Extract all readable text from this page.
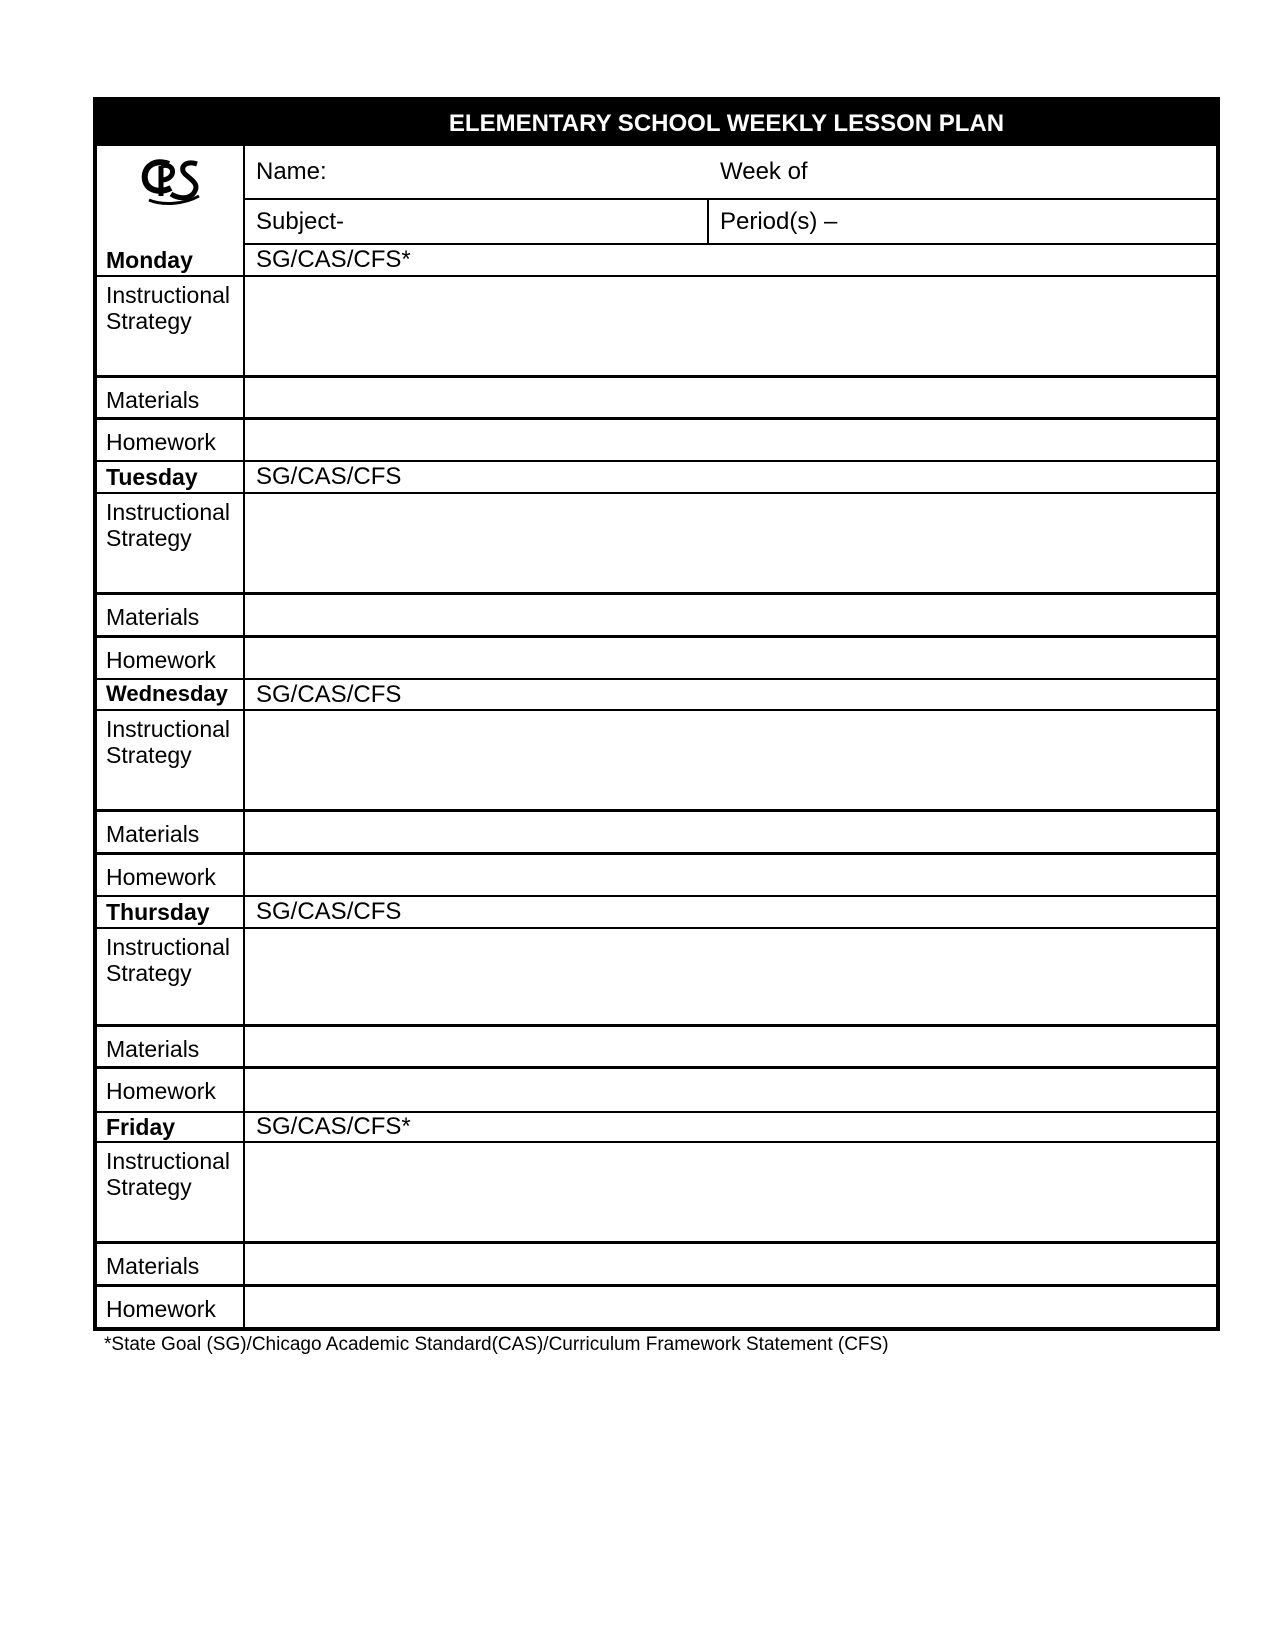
ELEMENTARY SCHOOL WEEKLY LESSON PLAN
Name:	Week of
Subject-	Period(s) –
Monday	SG/CAS/CFS*
Instructional Strategy
Materials
Homework
Tuesday	SG/CAS/CFS
Instructional Strategy
Materials
Homework
Wednesday	SG/CAS/CFS
Instructional Strategy
Materials
Homework
Thursday	SG/CAS/CFS
Instructional Strategy
Materials
Homework
Friday	SG/CAS/CFS*
Instructional Strategy
Materials
Homework
*State Goal (SG)/Chicago Academic Standard(CAS)/Curriculum Framework Statement (CFS)
